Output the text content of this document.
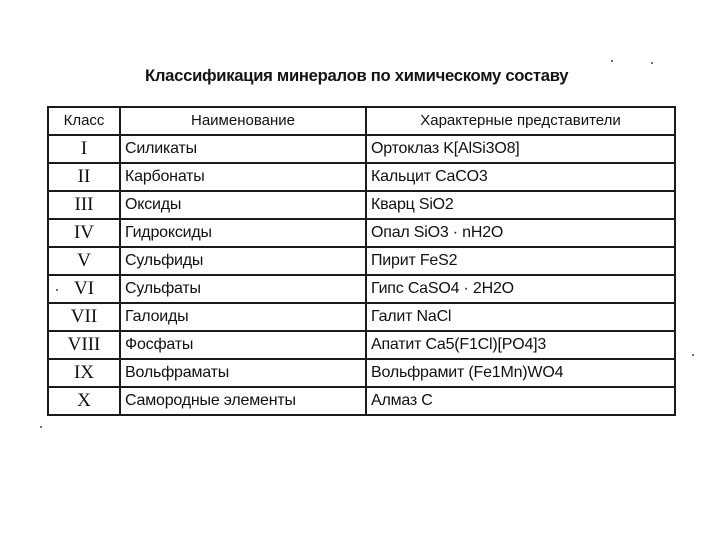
Классификация минералов по химическому составу
Класс	Наименование	Характерные представители
I	Силикаты	Ортоклаз K[AlSi3O8]
II	Карбонаты	Кальцит CaCO3
III	Оксиды	Кварц SiO2
IV	Гидроксиды	Опал SiO3 · nH2O
V	Сульфиды	Пирит FeS2
VI	Сульфаты	Гипс CaSO4 · 2H2O
VII	Галоиды	Галит NaCl
VIII	Фосфаты	Апатит Ca5(F1Cl)[PO4]3
IX	Вольфраматы	Вольфрамит (Fe1Mn)WO4
X	Самородные элементы	Алмаз C
